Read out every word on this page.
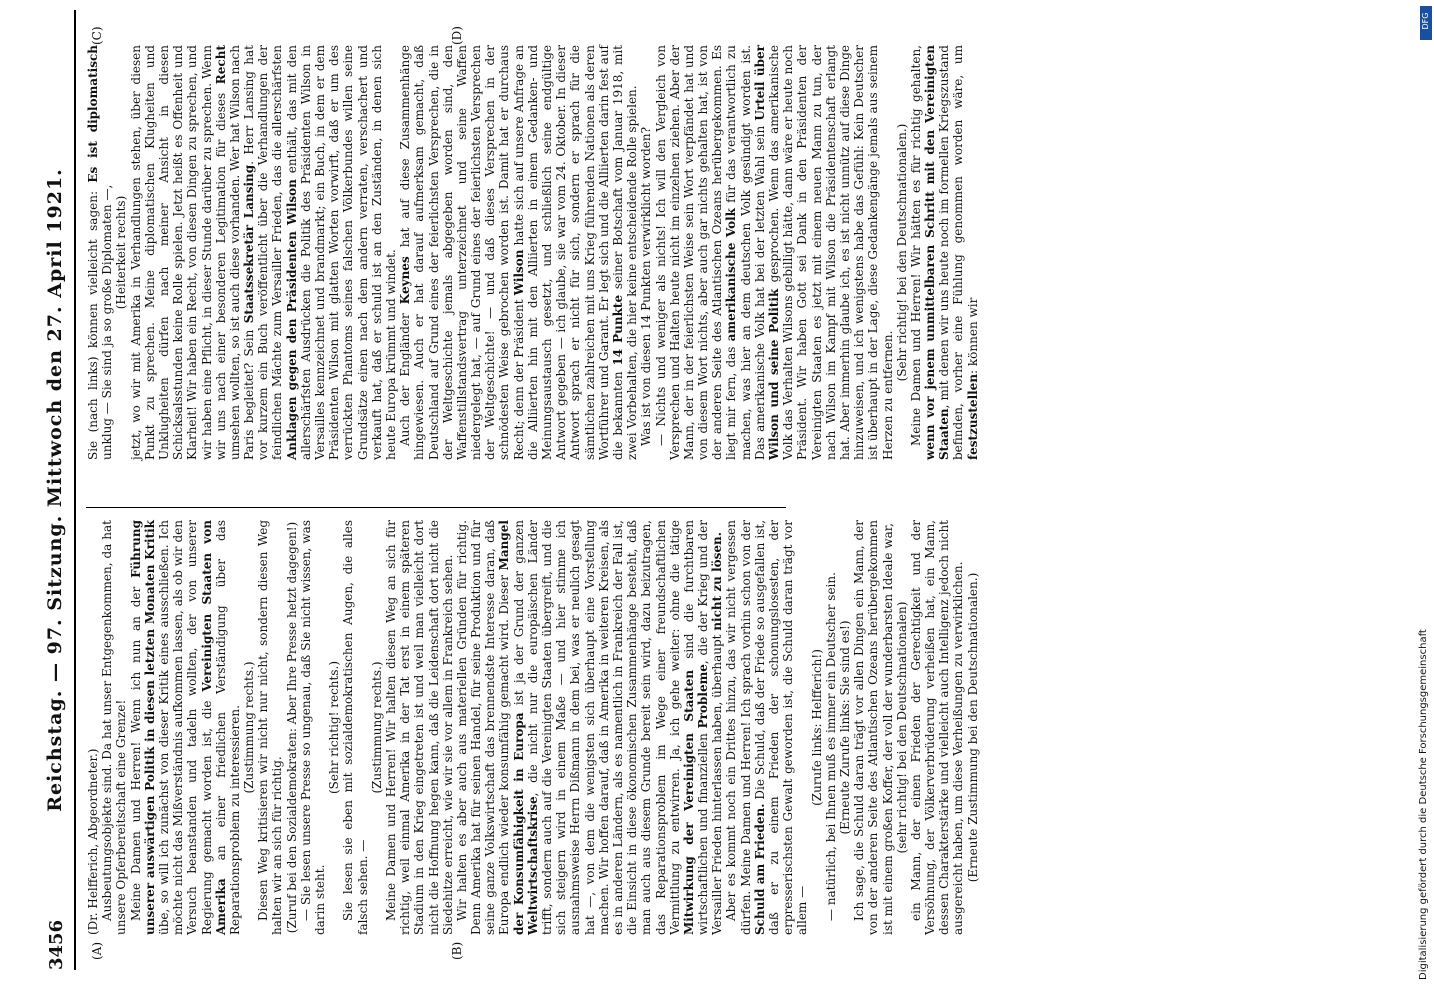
3456
Reichstag. — 97. Sitzung. Mittwoch den 27. April 1921.
(A)	(B)
(C)	(D)

(Dr. Helfferich, Abgeordneter.) Ausbeutungsobjekte sind. Da hat unser Entgegenkommen, da hat unsere Opferbereitschaft eine Grenze! Meine Damen und Herren! Wenn ich nun an der Führung unserer auswärtigen Politik in diesen letzten Monaten Kritik übe, so will ich zunächst von dieser Kritik eines ausschließen. Ich möchte nicht das Mißverständnis aufkommen lassen, als ob wir den Versuch beanstanden und tadeln wollten, der von unserer Regierung gemacht worden ist, die Vereinigten Staaten von Amerika an einer friedlichen Verständigung über das Reparationsproblem zu interessieren. (Zustimmung rechts.) Diesen Weg kritisieren wir nicht nur nicht, sondern diesen Weg halten wir an sich für richtig. (Zuruf bei den Sozialdemokraten: Aber Ihre Presse hetzt dagegen!) — Sie lesen unsere Presse so ungenau, daß Sie nicht wissen, was darin steht.

(Sehr richtig! rechts.) Sie lesen sie eben mit sozialdemokratischen Augen, die alles falsch sehen. —

(Zustimmung rechts.) Meine Damen und Herren! Wir halten diesen Weg an sich für richtig, weil einmal Amerika in der Tat erst in einem späteren Stadium in den Krieg eingetreten ist und weil man vielleicht dort nicht die Hoffnung hegen kann, daß die Leidenschaft dort nicht die Siedehitze erreicht, wie wir sie vor allem in Frankreich sehen. Wir halten es aber auch aus materiellen Gründen für richtig. Denn Amerika hat für seinen Handel, für seine Produktion und für seine ganze Volkswirtschaft das brennendste Interesse daran, daß Europa endlich wieder konsumfähig gemacht wird. Dieser Mangel der Konsumfähigkeit in Europa ist ja der Grund der ganzen Weltwirtschaftskrise, die nicht nur die europäischen Länder trifft, sondern auch auf die Vereinigten Staaten übergreift, und die sich steigern wird in einem Maße — und hier stimme ich ausnahmsweise Herrn Dißmann in dem bei, was er neulich gesagt hat —, von dem die wenigsten sich überhaupt eine Vorstellung machen. Wir hoffen darauf, daß in Amerika in weiteren Kreisen, als es in anderen Ländern, als es namentlich in Frankreich der Fall ist, die Einsicht in diese ökonomischen Zusammenhänge besteht, daß man auch aus diesem Grunde bereit sein wird, dazu beizutragen, das Reparationsproblem im Wege einer freundschaftlichen Vermittlung zu entwirren. Ja, ich gehe weiter: ohne die tätige Mitwirkung der Vereinigten Staaten sind die furchtbaren wirtschaftlichen und finanziellen Probleme, die der Krieg und der Versailler Frieden hinterlassen haben, überhaupt nicht zu lösen. Aber es kommt noch ein Drittes hinzu, das wir nicht vergessen dürfen. Meine Damen und Herren! Ich sprach vorhin schon von der Schuld am Frieden. Die Schuld, daß der Friede so ausgefallen ist, daß er zu einem Frieden der schonungslosesten, der erpresserischsten Gewalt geworden ist, die Schuld daran trägt vor allem —

(Zurufe links: Helfferich!) — natürlich, bei Ihnen muß es immer ein Deutscher sein. (Erneute Zurufe links: Sie sind es!) Ich sage, die Schuld daran trägt vor allen Dingen ein Mann, der von der anderen Seite des Atlantischen Ozeans herübergekommen ist mit einem großen Koffer, der voll der wunderbarsten Ideale war, (sehr richtig! bei den Deutschnationalen) ein Mann, der einen Frieden der Gerechtigkeit und der Versöhnung, der Völkerverbrüderung verheißen hat, ein Mann, dessen Charakterstärke und vielleicht auch Intelligenz jedoch nicht ausgereicht haben, um diese Verheißungen zu verwirklichen. (Erneute Zustimmung bei den Deutschnationalen.)

Sie (nach links) können vielleicht sagen: Es ist diplomatisch unklug — Sie sind ja so große Diplomaten —, (Heiterkeit rechts) jetzt, wo wir mit Amerika in Verhandlungen stehen, über diesen Punkt zu sprechen. Meine diplomatischen Klugheiten und Unklugheiten dürfen nach meiner Ansicht in diesen Schicksalsstunden keine Rolle spielen. Jetzt heißt es Offenheit und Klarheit! Wir haben ein Recht, von diesen Dingen zu sprechen, und wir haben eine Pflicht, in dieser Stunde darüber zu sprechen. Wenn wir uns nach einer besonderen Legitimation für dieses Recht umsehen wollten, so ist auch diese vorhanden. Wer hat Wilson nach Paris begleitet? Sein Staatssekretär Lansing. Herr Lansing hat vor kurzem ein Buch veröffentlicht über die Verhandlungen der feindlichen Mächte zum Versailler Frieden, das die allerschärfsten Anklagen gegen den Präsidenten Wilson enthält, das mit den allerschärfsten Ausdrücken die Politik des Präsidenten Wilson in Versailles kennzeichnet und brandmarkt; ein Buch, in dem er dem Präsidenten Wilson mit glatten Worten vorwirft, daß er um des verrückten Phantoms seines falschen Völkerbundes willen seine Grundsätze einen nach dem andern verraten, verschachert und verkauft hat, daß er schuld ist an den Zuständen, in denen sich heute Europa krümmt und windet. Auch der Engländer Keynes hat auf diese Zusammenhänge hingewiesen. Auch er hat darauf aufmerksam gemacht, daß Deutschland auf Grund eines der feierlichsten Versprechen, die in der Weltgeschichte jemals abgegeben worden sind, den Waffenstillstandsvertrag unterzeichnet und seine Waffen niedergelegt hat, — auf Grund eines der feierlichsten Versprechen der Weltgeschichte! — und daß dieses Versprechen in der schnödesten Weise gebrochen worden ist. Damit hat er durchaus Recht; denn der Präsident Wilson hatte sich auf unsere Anfrage an die Alliierten hin mit den Alliierten in einem Gedanken- und Meinungsaustausch gesetzt, und schließlich seine endgültige Antwort gegeben — ich glaube, sie war vom 24. Oktober. In dieser Antwort sprach er nicht für sich, sondern er sprach für die sämtlichen zahlreichen mit uns Krieg führenden Nationen als deren Wortführer und Garant. Er legt sich und die Alliierten darin fest auf die bekannten 14 Punkte seiner Botschaft vom Januar 1918, mit zwei Vorbehalten, die hier keine entscheidende Rolle spielen. Was ist von diesen 14 Punkten verwirklicht worden? — Nichts und weniger als nichts! Ich will den Vergleich von Versprechen und Halten heute nicht im einzelnen ziehen. Aber der Mann, der in der feierlichsten Weise sein Wort verpfändet hat und von diesem Wort nichts, aber auch gar nichts gehalten hat, ist von der anderen Seite des Atlantischen Ozeans herübergekommen. Es liegt mir fern, das amerikanische Volk für das verantwortlich zu machen, was hier an dem deutschen Volk gesündigt worden ist. Das amerikanische Volk hat bei der letzten Wahl sein Urteil über Wilson und seine Politik gesprochen. Wenn das amerikanische Volk das Verhalten Wilsons gebilligt hätte, dann wäre er heute noch Präsident. Wir haben Gott sei Dank in den Präsidenten der Vereinigten Staaten es jetzt mit einem neuen Mann zu tun, der nach Wilson im Kampf mit Wilson die Präsidentenschaft erlangt hat. Aber immerhin glaube ich, es ist nicht unnütz auf diese Dinge hinzuweisen, und ich wenigstens habe das Gefühl: Kein Deutscher ist überhaupt in der Lage, diese Gedankengänge jemals aus seinem Herzen zu entfernen.

(Sehr richtig! bei den Deutschnationalen.) Meine Damen und Herren! Wir hätten es für richtig gehalten, wenn vor jenem unmittelbaren Schritt mit den Vereinigten Staaten, mit denen wir uns heute noch im formellen Kriegszustand befinden, vorher eine Fühlung genommen worden wäre, um festzustellen: können wir

DFG
Digitalisierung gefördert durch die Deutsche Forschungsgemeinschaft
